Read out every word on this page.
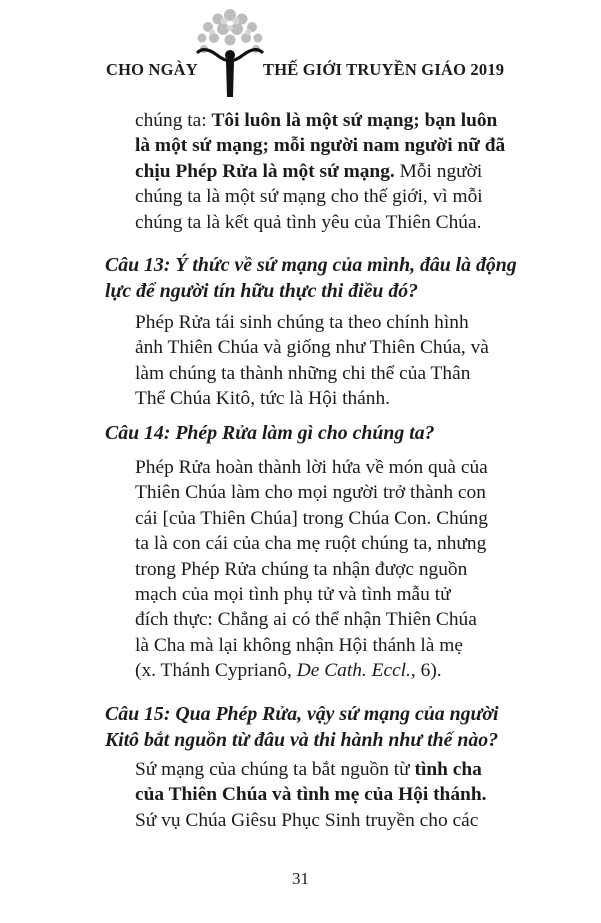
CHO NGÀY	THẾ GIỚI TRUYỀN GIÁO 2019
chúng ta: Tôi luôn là một sứ mạng; bạn luôn
là một sứ mạng; mỗi người nam người nữ đã
chịu Phép Rửa là một sứ mạng. Mỗi người
chúng ta là một sứ mạng cho thế giới, vì mỗi
chúng ta là kết quả tình yêu của Thiên Chúa.
Câu 13: Ý thức về sứ mạng của mình, đâu là động
lực để người tín hữu thực thi điều đó?
Phép Rửa tái sinh chúng ta theo chính hình
ảnh Thiên Chúa và giống như Thiên Chúa, và
làm chúng ta thành những chi thể của Thân
Thể Chúa Kitô, tức là Hội thánh.
Câu 14: Phép Rửa làm gì cho chúng ta?
Phép Rửa hoàn thành lời hứa về món quà của
Thiên Chúa làm cho mọi người trở thành con
cái [của Thiên Chúa] trong Chúa Con. Chúng
ta là con cái của cha mẹ ruột chúng ta, nhưng
trong Phép Rửa chúng ta nhận được nguồn
mạch của mọi tình phụ tử và tình mẫu tử
đích thực: Chẳng ai có thể nhận Thiên Chúa
là Cha mà lại không nhận Hội thánh là mẹ
(x. Thánh Cyprianô, De Cath. Eccl., 6).
Câu 15: Qua Phép Rửa, vậy sứ mạng của người
Kitô bắt nguồn từ đâu và thi hành như thế nào?
Sứ mạng của chúng ta bắt nguồn từ tình cha
của Thiên Chúa và tình mẹ của Hội thánh.
Sứ vụ Chúa Giêsu Phục Sinh truyền cho các
31
